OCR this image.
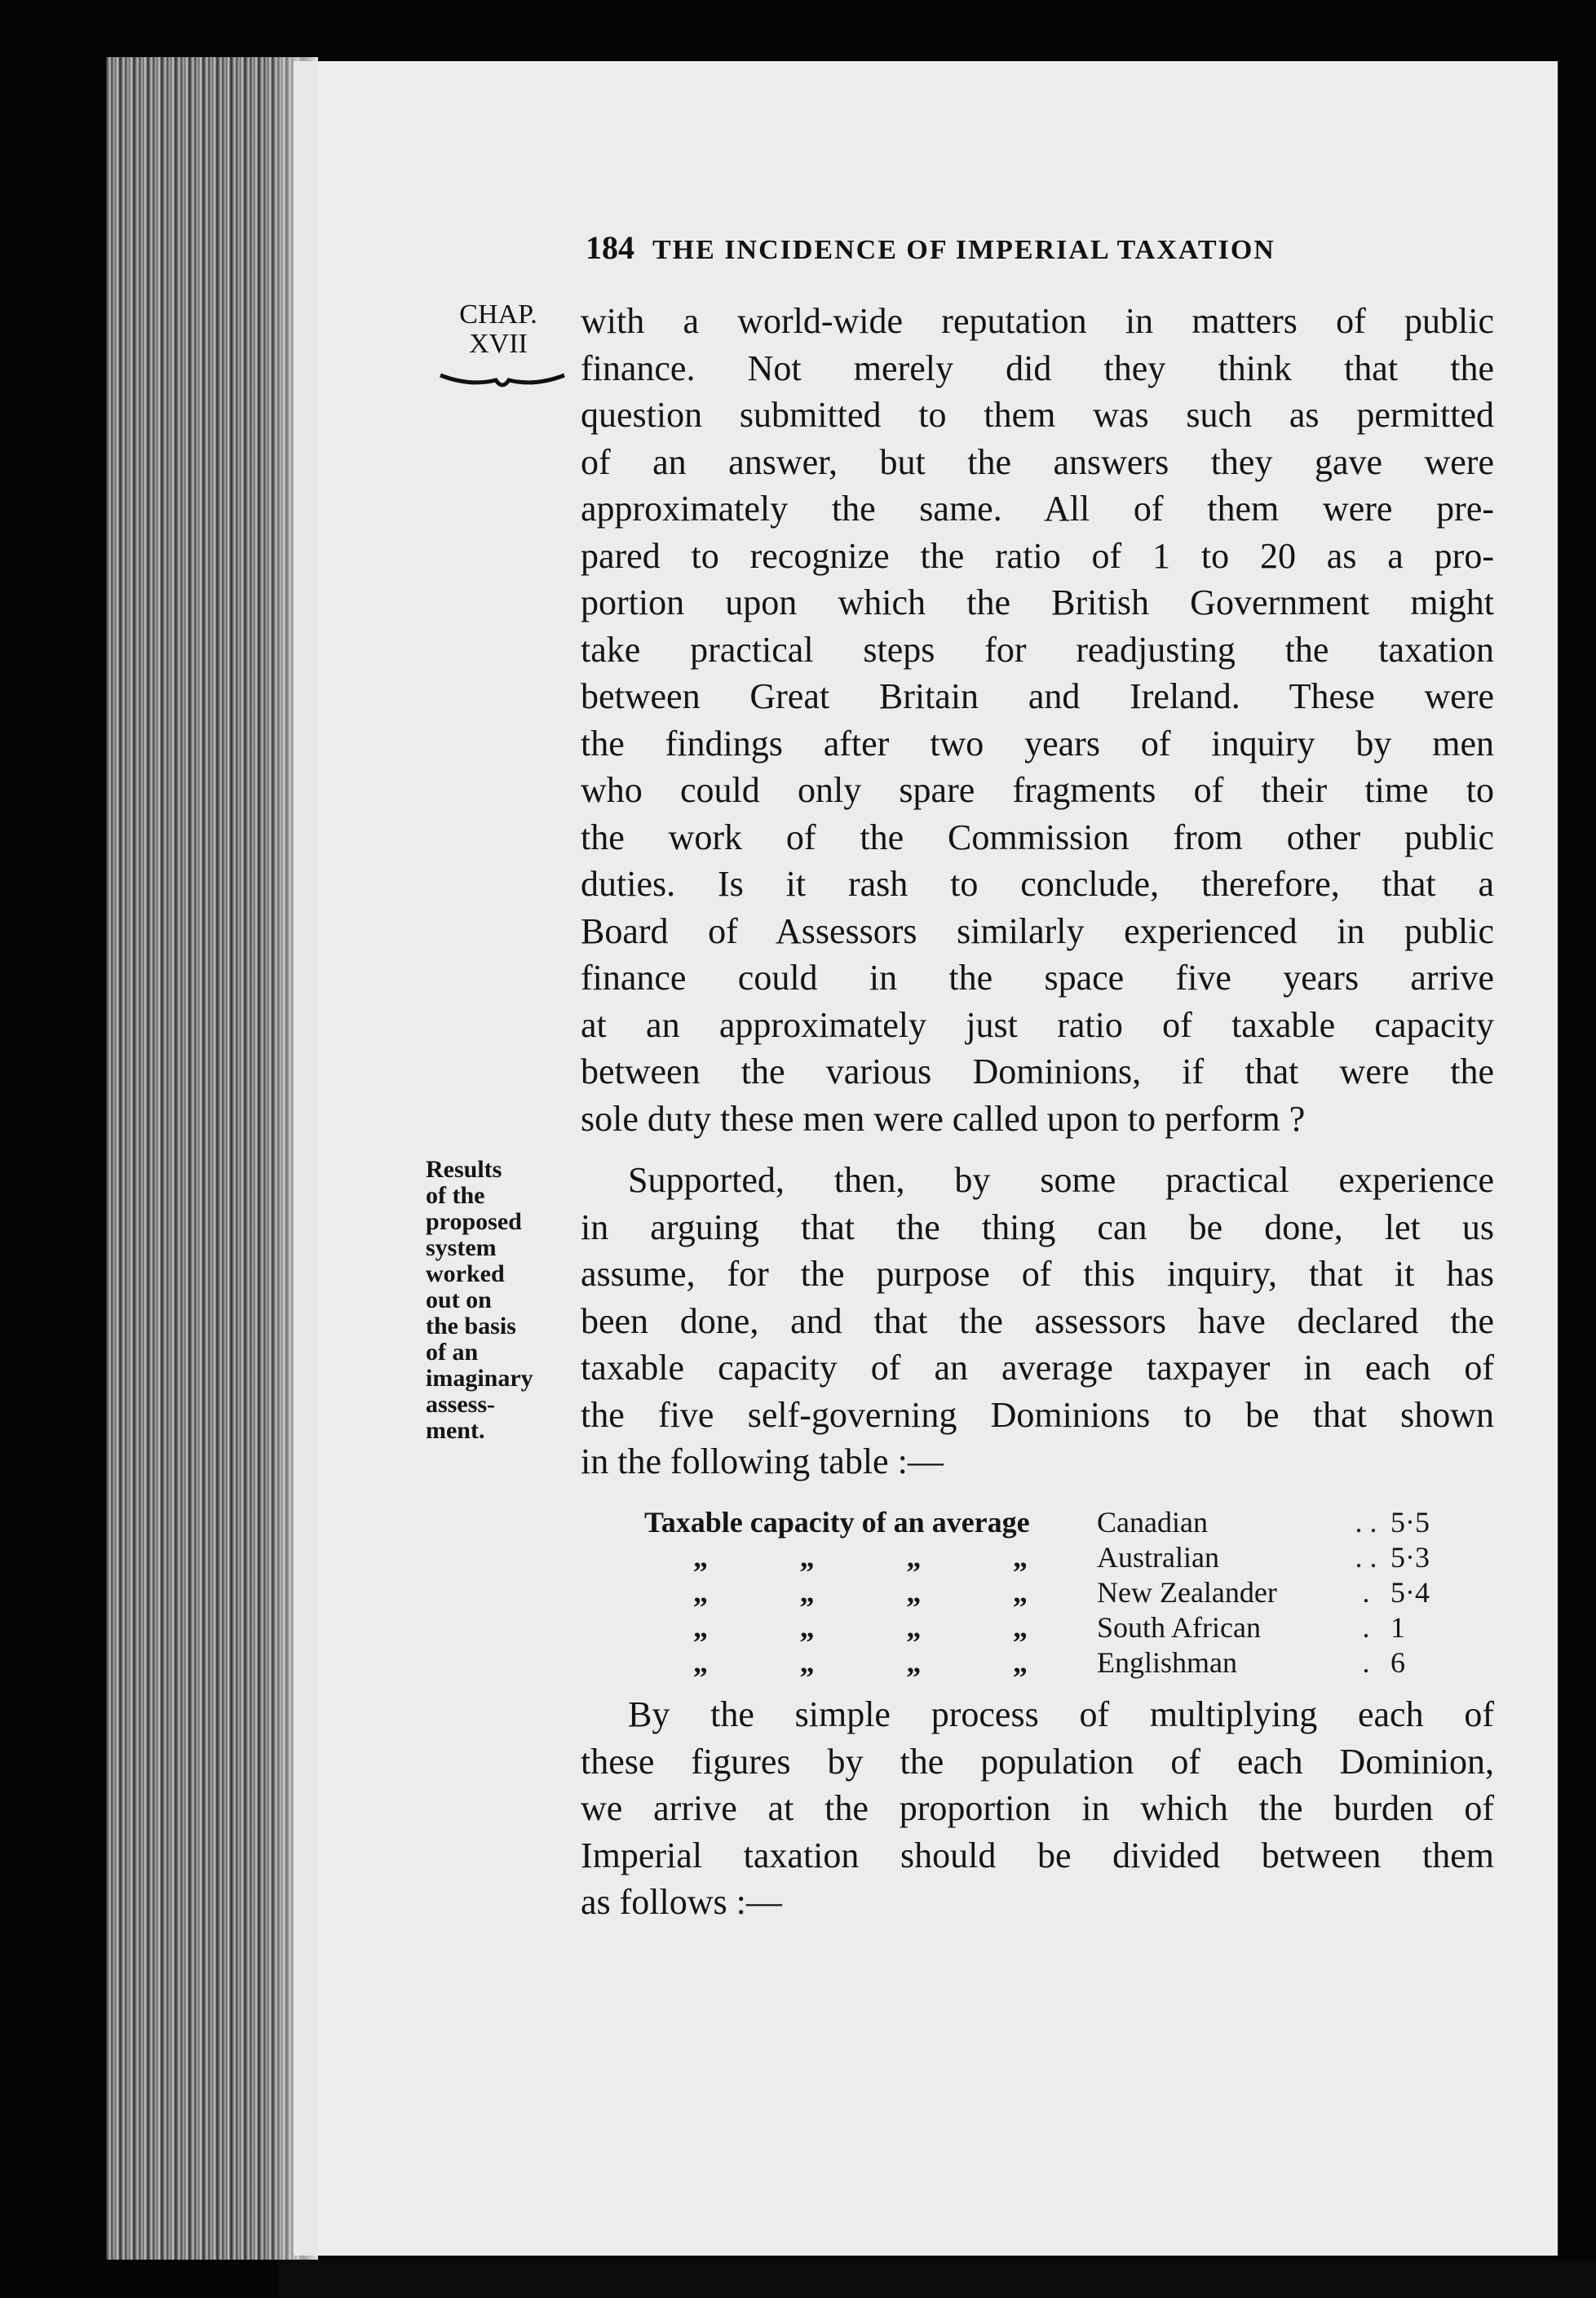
184 THE INCIDENCE OF IMPERIAL TAXATION
CHAP.
XVII
Results
of the
proposed
system
worked
out on
the basis
of an
imaginary
assess-
ment.
with a world-wide reputation in matters of public
finance. Not merely did they think that the
question submitted to them was such as permitted
of an answer, but the answers they gave were
approximately the same. All of them were pre-
pared to recognize the ratio of 1 to 20 as a pro-
portion upon which the British Government might
take practical steps for readjusting the taxation
between Great Britain and Ireland. These were
the findings after two years of inquiry by men
who could only spare fragments of their time to
the work of the Commission from other public
duties. Is it rash to conclude, therefore, that a
Board of Assessors similarly experienced in public
finance could in the space five years arrive
at an approximately just ratio of taxable capacity
between the various Dominions, if that were the
sole duty these men were called upon to perform ?
Supported, then, by some practical experience
in arguing that the thing can be done, let us
assume, for the purpose of this inquiry, that it has
been done, and that the assessors have declared the
taxable capacity of an average taxpayer in each of
the five self-governing Dominions to be that shown
in the following table :—
Taxable capacity of an average	Canadian	. .	5·5

„ „ „ „	Australian	. .	5·3

„ „ „ „	New Zealander	.	5·4

„ „ „ „	South African	.	1

„ „ „ „	Englishman	.	6
By the simple process of multiplying each of
these figures by the population of each Dominion,
we arrive at the proportion in which the burden of
Imperial taxation should be divided between them
as follows :—
